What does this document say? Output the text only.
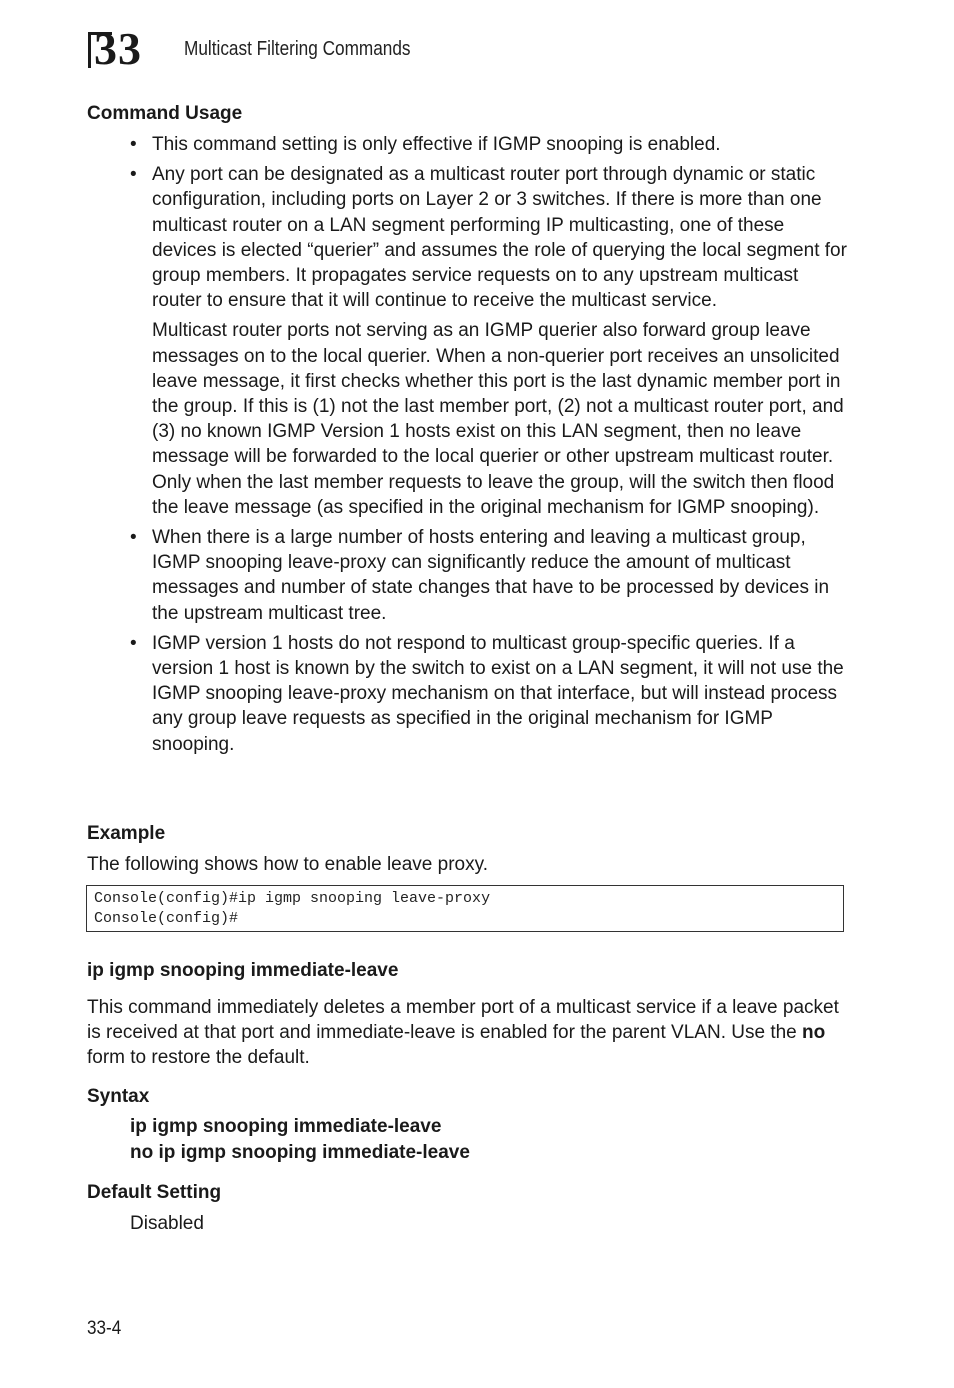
33 Multicast Filtering Commands
Command Usage
• This command setting is only effective if IGMP snooping is enabled.

• Any port can be designated as a multicast router port through dynamic or static configuration, including ports on Layer 2 or 3 switches. If there is more than one multicast router on a LAN segment performing IP multicasting, one of these devices is elected “querier” and assumes the role of querying the local segment for group members. It propagates service requests on to any upstream multicast router to ensure that it will continue to receive the multicast service.

Multicast router ports not serving as an IGMP querier also forward group leave messages on to the local querier. When a non-querier port receives an unsolicited leave message, it first checks whether this port is the last dynamic member port in the group. If this is (1) not the last member port, (2) not a multicast router port, and (3) no known IGMP Version 1 hosts exist on this LAN segment, then no leave message will be forwarded to the local querier or other upstream multicast router. Only when the last member requests to leave the group, will the switch then flood the leave message (as specified in the original mechanism for IGMP snooping).

• When there is a large number of hosts entering and leaving a multicast group, IGMP snooping leave-proxy can significantly reduce the amount of multicast messages and number of state changes that have to be processed by devices in the upstream multicast tree.

• IGMP version 1 hosts do not respond to multicast group-specific queries. If a version 1 host is known by the switch to exist on a LAN segment, it will not use the IGMP snooping leave-proxy mechanism on that interface, but will instead process any group leave requests as specified in the original mechanism for IGMP snooping.

Example

The following shows how to enable leave proxy.

Console(config)#ip igmp snooping leave-proxy
Console(config)#
ip igmp snooping immediate-leave

This command immediately deletes a member port of a multicast service if a leave packet is received at that port and immediate-leave is enabled for the parent VLAN. Use the no form to restore the default.

Syntax

ip igmp snooping immediate-leave

no ip igmp snooping immediate-leave

Default Setting

Disabled

33-4
